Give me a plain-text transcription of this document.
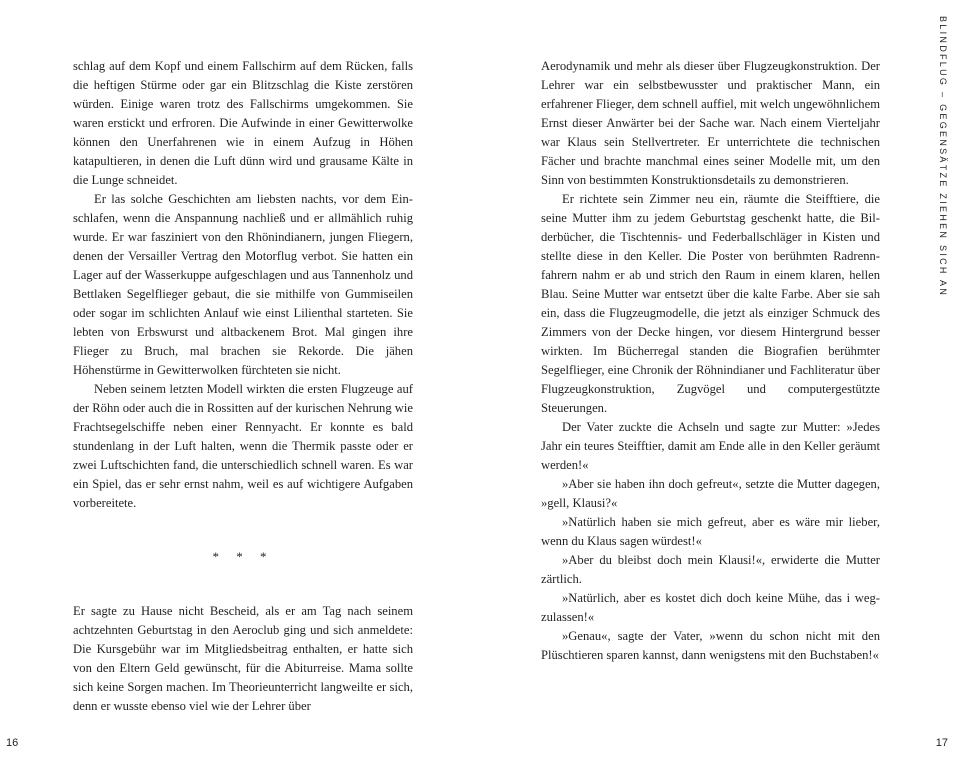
schlag auf dem Kopf und einem Fallschirm auf dem Rücken, falls die heftigen Stürme oder gar ein Blitzschlag die Kiste zerstören würden. Einige waren trotz des Fallschirms umgekommen. Sie waren erstickt und erfroren. Die Aufwinde in einer Gewitterwolke können den Unerfahrenen wie in einem Aufzug in Höhen katapultieren, in denen die Luft dünn wird und grausame Kälte in die Lunge schneidet.

Er las solche Geschichten am liebsten nachts, vor dem Einschlafen, wenn die Anspannung nachließ und er allmählich ruhig wurde. Er war fasziniert von den Rhönindianern, jungen Fliegern, denen der Versailler Vertrag den Motorflug verbot. Sie hatten ein Lager auf der Wasserkuppe aufgeschlagen und aus Tannenholz und Bettlaken Segelflieger gebaut, die sie mithilfe von Gummiseilen oder sogar im schlichten Anlauf wie einst Lilienthal starteten. Sie lebten von Erbswurst und altbackenem Brot. Mal gingen ihre Flieger zu Bruch, mal brachen sie Rekorde. Die jähen Höhenstürme in Gewitterwolken fürchteten sie nicht.

Neben seinem letzten Modell wirkten die ersten Flugzeuge auf der Röhn oder auch die in Rossitten auf der kurischen Nehrung wie Frachtsegelschiffe neben einer Rennyacht. Er konnte es bald stundenlang in der Luft halten, wenn die Thermik passte oder er zwei Luftschichten fand, die unterschiedlich schnell waren. Es war ein Spiel, das er sehr ernst nahm, weil es auf wichtigere Aufgaben vorbereitete.

* * *

Er sagte zu Hause nicht Bescheid, als er am Tag nach seinem achtzehnten Geburtstag in den Aeroclub ging und sich anmeldete: Die Kursgebühr war im Mitgliedsbeitrag enthalten, er hatte sich von den Eltern Geld gewünscht, für die Abiturreise. Mama sollte sich keine Sorgen machen. Im Theorieunterricht langweilte er sich, denn er wusste ebenso viel wie der Lehrer über

Aerodynamik und mehr als dieser über Flugzeugkonstruktion. Der Lehrer war ein selbstbewusster und praktischer Mann, ein erfahrener Flieger, dem schnell auffiel, mit welch ungewöhnlichem Ernst dieser Anwärter bei der Sache war. Nach einem Vierteljahr war Klaus sein Stellvertreter. Er unterrichtete die technischen Fächer und brachte manchmal eines seiner Modelle mit, um den Sinn von bestimmten Konstruktionsdetails zu demonstrieren.

Er richtete sein Zimmer neu ein, räumte die Steifftiere, die seine Mutter ihm zu jedem Geburtstag geschenkt hatte, die Bilderbücher, die Tischtennis- und Federballschläger in Kisten und stellte diese in den Keller. Die Poster von berühmten Radrennfahrern nahm er ab und strich den Raum in einem klaren, hellen Blau. Seine Mutter war entsetzt über die kalte Farbe. Aber sie sah ein, dass die Flugzeugmodelle, die jetzt als einziger Schmuck des Zimmers von der Decke hingen, vor diesem Hintergrund besser wirkten. Im Bücherregal standen die Biografien berühmter Segelflieger, eine Chronik der Röhnindianer und Fachliteratur über Flugzeugkonstruktion, Zugvögel und computergestützte Steuerungen.

Der Vater zuckte die Achseln und sagte zur Mutter: »Jedes Jahr ein teures Steifftier, damit am Ende alle in den Keller geräumt werden!«

»Aber sie haben ihn doch gefreut«, setzte die Mutter dagegen, »gell, Klausi?«

»Natürlich haben sie mich gefreut, aber es wäre mir lieber, wenn du Klaus sagen würdest!«

»Aber du bleibst doch mein Klausi!«, erwiderte die Mutter zärtlich.

»Natürlich, aber es kostet dich doch keine Mühe, das i wegzulassen!«

»Genau«, sagte der Vater, »wenn du schon nicht mit den Plüschtieren sparen kannst, dann wenigstens mit den Buchstaben!«

BLINDFLUG – GEGENSÄTZE ZIEHEN SICH AN
16	17
